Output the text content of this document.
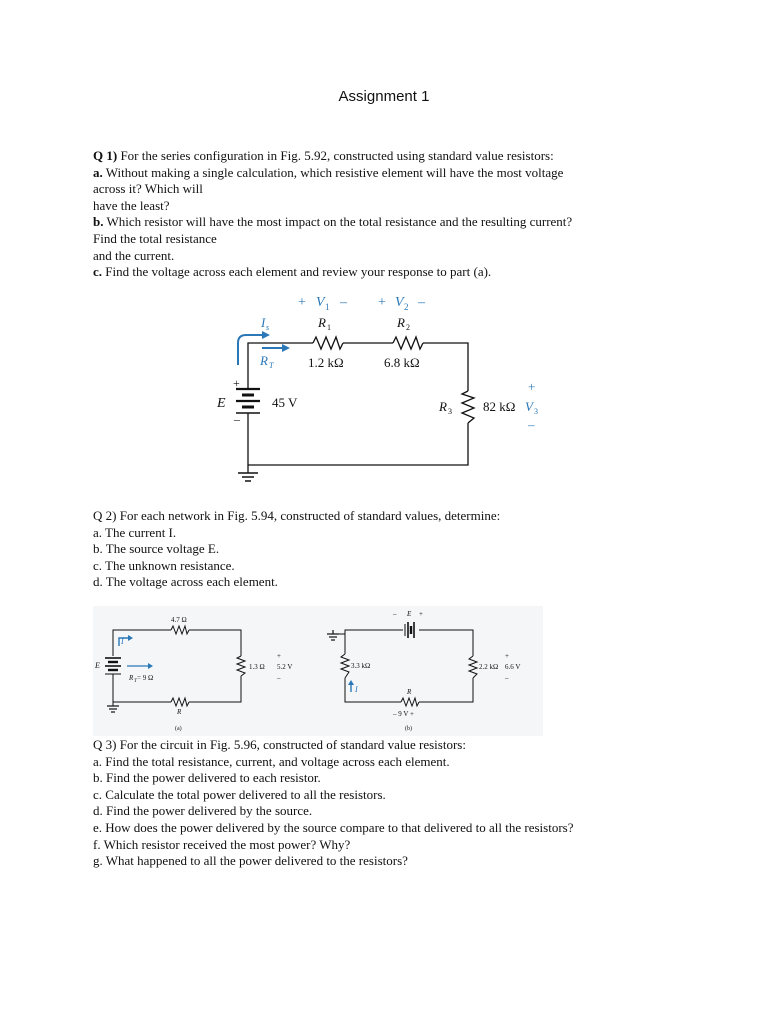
Assignment 1
Q 1) For the series configuration in Fig. 5.92, constructed using standard value resistors:
a. Without making a single calculation, which resistive element will have the most voltage
across it? Which will
have the least?
b. Which resistor will have the most impact on the total resistance and the resulting current?
Find the total resistance
and the current.
c. Find the voltage across each element and review your response to part (a).
+ V 1 – + V 2 –
I s
R T
R 1
1.2 kΩ
R 2
6.8 kΩ
+
E	45 V
–
R 3 82 kΩ
+
V 3
–
Q 2) For each network in Fig. 5.94, constructed of standard values, determine:
a. The current I.
b. The source voltage E.
c. The unknown resistance.
d. The voltage across each element.
4.7 Ω
I
E
R T = 9 Ω
1.3 Ω
+
5.2 V
–
R
(a)
– E +
3.3 kΩ
I
2.2 kΩ
+
6.6 V
–
R
– 9 V +
(b)
Q 3) For the circuit in Fig. 5.96, constructed of standard value resistors:
a. Find the total resistance, current, and voltage across each element.
b. Find the power delivered to each resistor.
c. Calculate the total power delivered to all the resistors.
d. Find the power delivered by the source.
e. How does the power delivered by the source compare to that delivered to all the resistors?
f. Which resistor received the most power? Why?
g. What happened to all the power delivered to the resistors?
